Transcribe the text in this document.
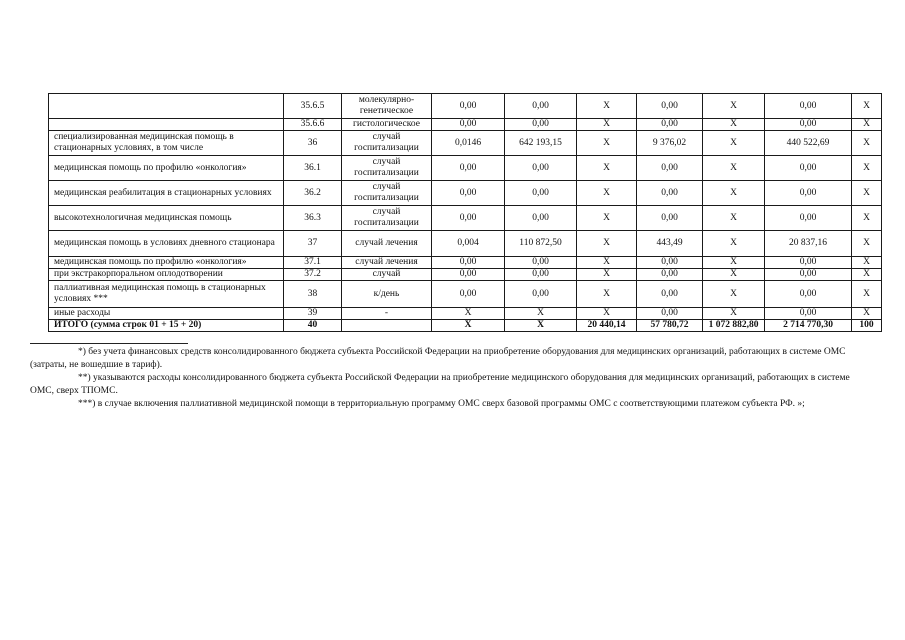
	35.6.5	молекулярно-генетическое	0,00	0,00	Х	0,00	Х	0,00	Х
	35.6.6	гистологическое	0,00	0,00	Х	0,00	Х	0,00	Х
специализированная медицинская помощь в стационарных условиях, в том числе	36	случай госпитализации	0,0146	642 193,15	Х	9 376,02	Х	440 522,69	Х
медицинская помощь по профилю «онкология»	36.1	случай госпитализации	0,00	0,00	Х	0,00	Х	0,00	Х
медицинская реабилитация в стационарных условиях	36.2	случай госпитализации	0,00	0,00	Х	0,00	Х	0,00	Х
высокотехнологичная медицинская помощь	36.3	случай госпитализации	0,00	0,00	Х	0,00	Х	0,00	Х
медицинская помощь в условиях дневного стационара	37	случай лечения	0,004	110 872,50	Х	443,49	Х	20 837,16	Х
медицинская помощь по профилю «онкология»	37.1	случай лечения	0,00	0,00	Х	0,00	Х	0,00	Х
при экстракорпоральном оплодотворении	37.2	случай	0,00	0,00	Х	0,00	Х	0,00	Х
паллиативная медицинская помощь в стационарных условиях ***	38	к/день	0,00	0,00	Х	0,00	Х	0,00	Х
иные расходы	39	-	Х	Х	Х	0,00	Х	0,00	Х
ИТОГО (сумма строк 01 + 15 + 20)	40		Х	Х	20 440,14	57 780,72	1 072 882,80	2 714 770,30	100

*) без учета финансовых средств консолидированного бюджета субъекта Российской Федерации на приобретение оборудования для медицинских организаций, работающих в системе ОМС (затраты, не вошедшие в тариф).

**) указываются расходы консолидированного бюджета субъекта Российской Федерации на приобретение медицинского оборудования для медицинских организаций, работающих в системе ОМС, сверх ТПОМС.

***) в случае включения паллиативной медицинской помощи в территориальную программу ОМС сверх базовой программы ОМС с соответствующими платежом субъекта РФ. »;
